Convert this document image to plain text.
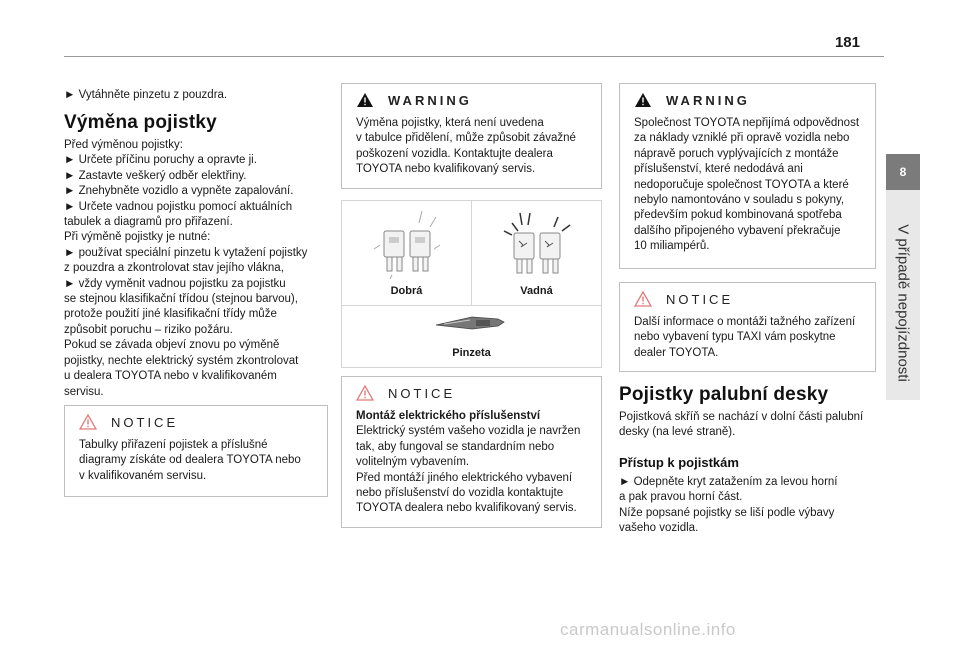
181
8
V případě nepojízdnosti

► Vytáhněte pinzetu z pouzdra.

Výměna pojistky

Před výměnou pojistky:

► Určete příčinu poruchy a opravte ji.

► Zastavte veškerý odběr elektřiny.

► Znehybněte vozidlo a vypněte zapalování.

► Určete vadnou pojistku pomocí aktuálních

tabulek a diagramů pro přiřazení.

Při výměně pojistky je nutné:

► používat speciální pinzetu k vytažení pojistky

z pouzdra a zkontrolovat stav jejího vlákna,

► vždy vyměnit vadnou pojistku za pojistku

se stejnou klasifikační třídou (stejnou barvou),

protože použití jiné klasifikační třídy může

způsobit poruchu – riziko požáru.

Pokud se závada objeví znovu po výměně

pojistky, nechte elektrický systém zkontrolovat

u dealera TOYOTA nebo v kvalifikovaném

servisu.

NOTICE
Tabulky přiřazení pojistek a příslušné
diagramy získáte od dealera TOYOTA nebo
v kvalifikovaném servisu.
WARNING
Výměna pojistky, která není uvedena
v tabulce přidělení, může způsobit závažné
poškození vozidla. Kontaktujte dealera
TOYOTA nebo kvalifikovaný servis.
Dobrá	Vadná
Pinzeta
NOTICE
Montáž elektrického příslušenství
Elektrický systém vašeho vozidla je navržen
tak, aby fungoval se standardním nebo
volitelným vybavením.
Před montáží jiného elektrického vybavení
nebo příslušenství do vozidla kontaktujte
TOYOTA dealera nebo kvalifikovaný servis.
WARNING
Společnost TOYOTA nepřijímá odpovědnost
za náklady vzniklé při opravě vozidla nebo
nápravě poruch vyplývajících z montáže
příslušenství, které nedodává ani
nedoporučuje společnost TOYOTA a které
nebylo namontováno v souladu s pokyny,
především pokud kombinovaná spotřeba
dalšího připojeného vybavení překračuje
10 miliampérů.
NOTICE
Další informace o montáži tažného zařízení
nebo vybavení typu TAXI vám poskytne
dealer TOYOTA.
Pojistky palubní desky

Pojistková skříň se nachází v dolní části palubní

desky (na levé straně).

Přístup k pojistkám

► Odepněte kryt zatažením za levou horní

a pak pravou horní část.

Níže popsané pojistky se liší podle výbavy

vašeho vozidla.

carmanualsonline.info
